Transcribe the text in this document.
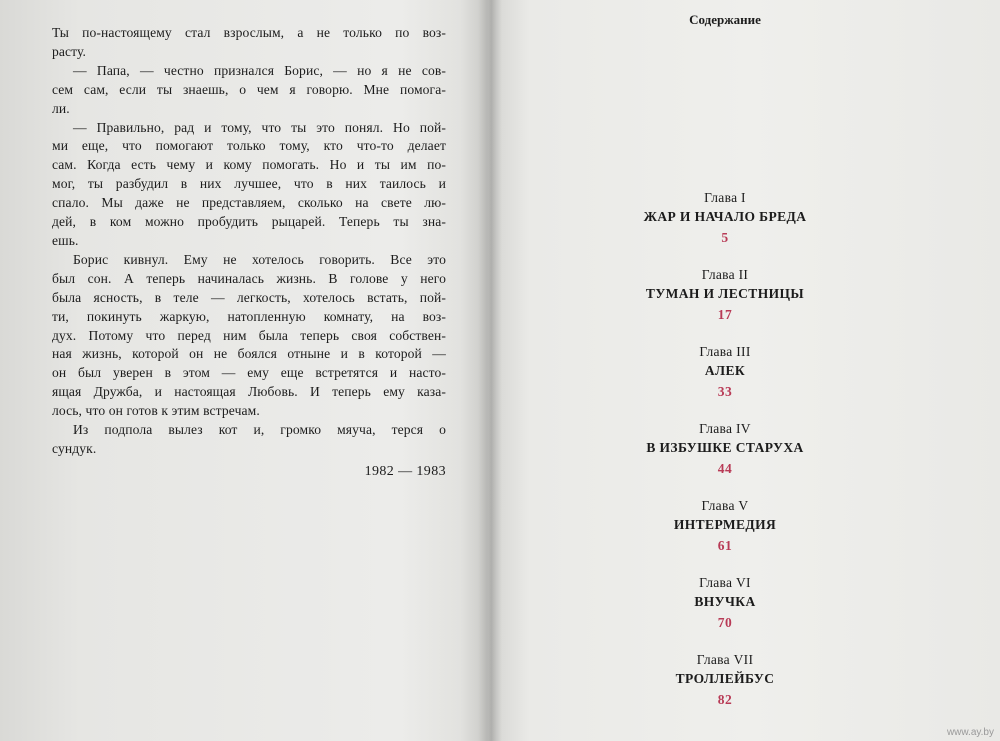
Ты по-настоящему стал взрослым, а не только по воз-

расту.

— Папа, — честно признался Борис, — но я не сов-

сем сам, если ты знаешь, о чем я говорю. Мне помога-

ли.

— Правильно, рад и тому, что ты это понял. Но пой-

ми еще, что помогают только тому, кто что-то делает

сам. Когда есть чему и кому помогать. Но и ты им по-

мог, ты разбудил в них лучшее, что в них таилось и

спало. Мы даже не представляем, сколько на свете лю-

дей, в ком можно пробудить рыцарей. Теперь ты зна-

ешь.

Борис кивнул. Ему не хотелось говорить. Все это

был сон. А теперь начиналась жизнь. В голове у него

была ясность, в теле — легкость, хотелось встать, пой-

ти, покинуть жаркую, натопленную комнату, на воз-

дух. Потому что перед ним была теперь своя собствен-

ная жизнь, которой он не боялся отныне и в которой —

он был уверен в этом — ему еще встретятся и насто-

ящая Дружба, и настоящая Любовь. И теперь ему каза-

лось, что он готов к этим встречам.

Из подпола вылез кот и, громко мяуча, терся о

сундук.

1982 — 1983
Содержание
Глава I
ЖАР И НАЧАЛО БРЕДА
5
Глава II
ТУМАН И ЛЕСТНИЦЫ
17
Глава III
АЛЕК
33
Глава IV
В ИЗБУШКЕ СТАРУХА
44
Глава V
ИНТЕРМЕДИЯ
61
Глава VI
ВНУЧКА
70
Глава VII
ТРОЛЛЕЙБУС
82
www.ay.by
